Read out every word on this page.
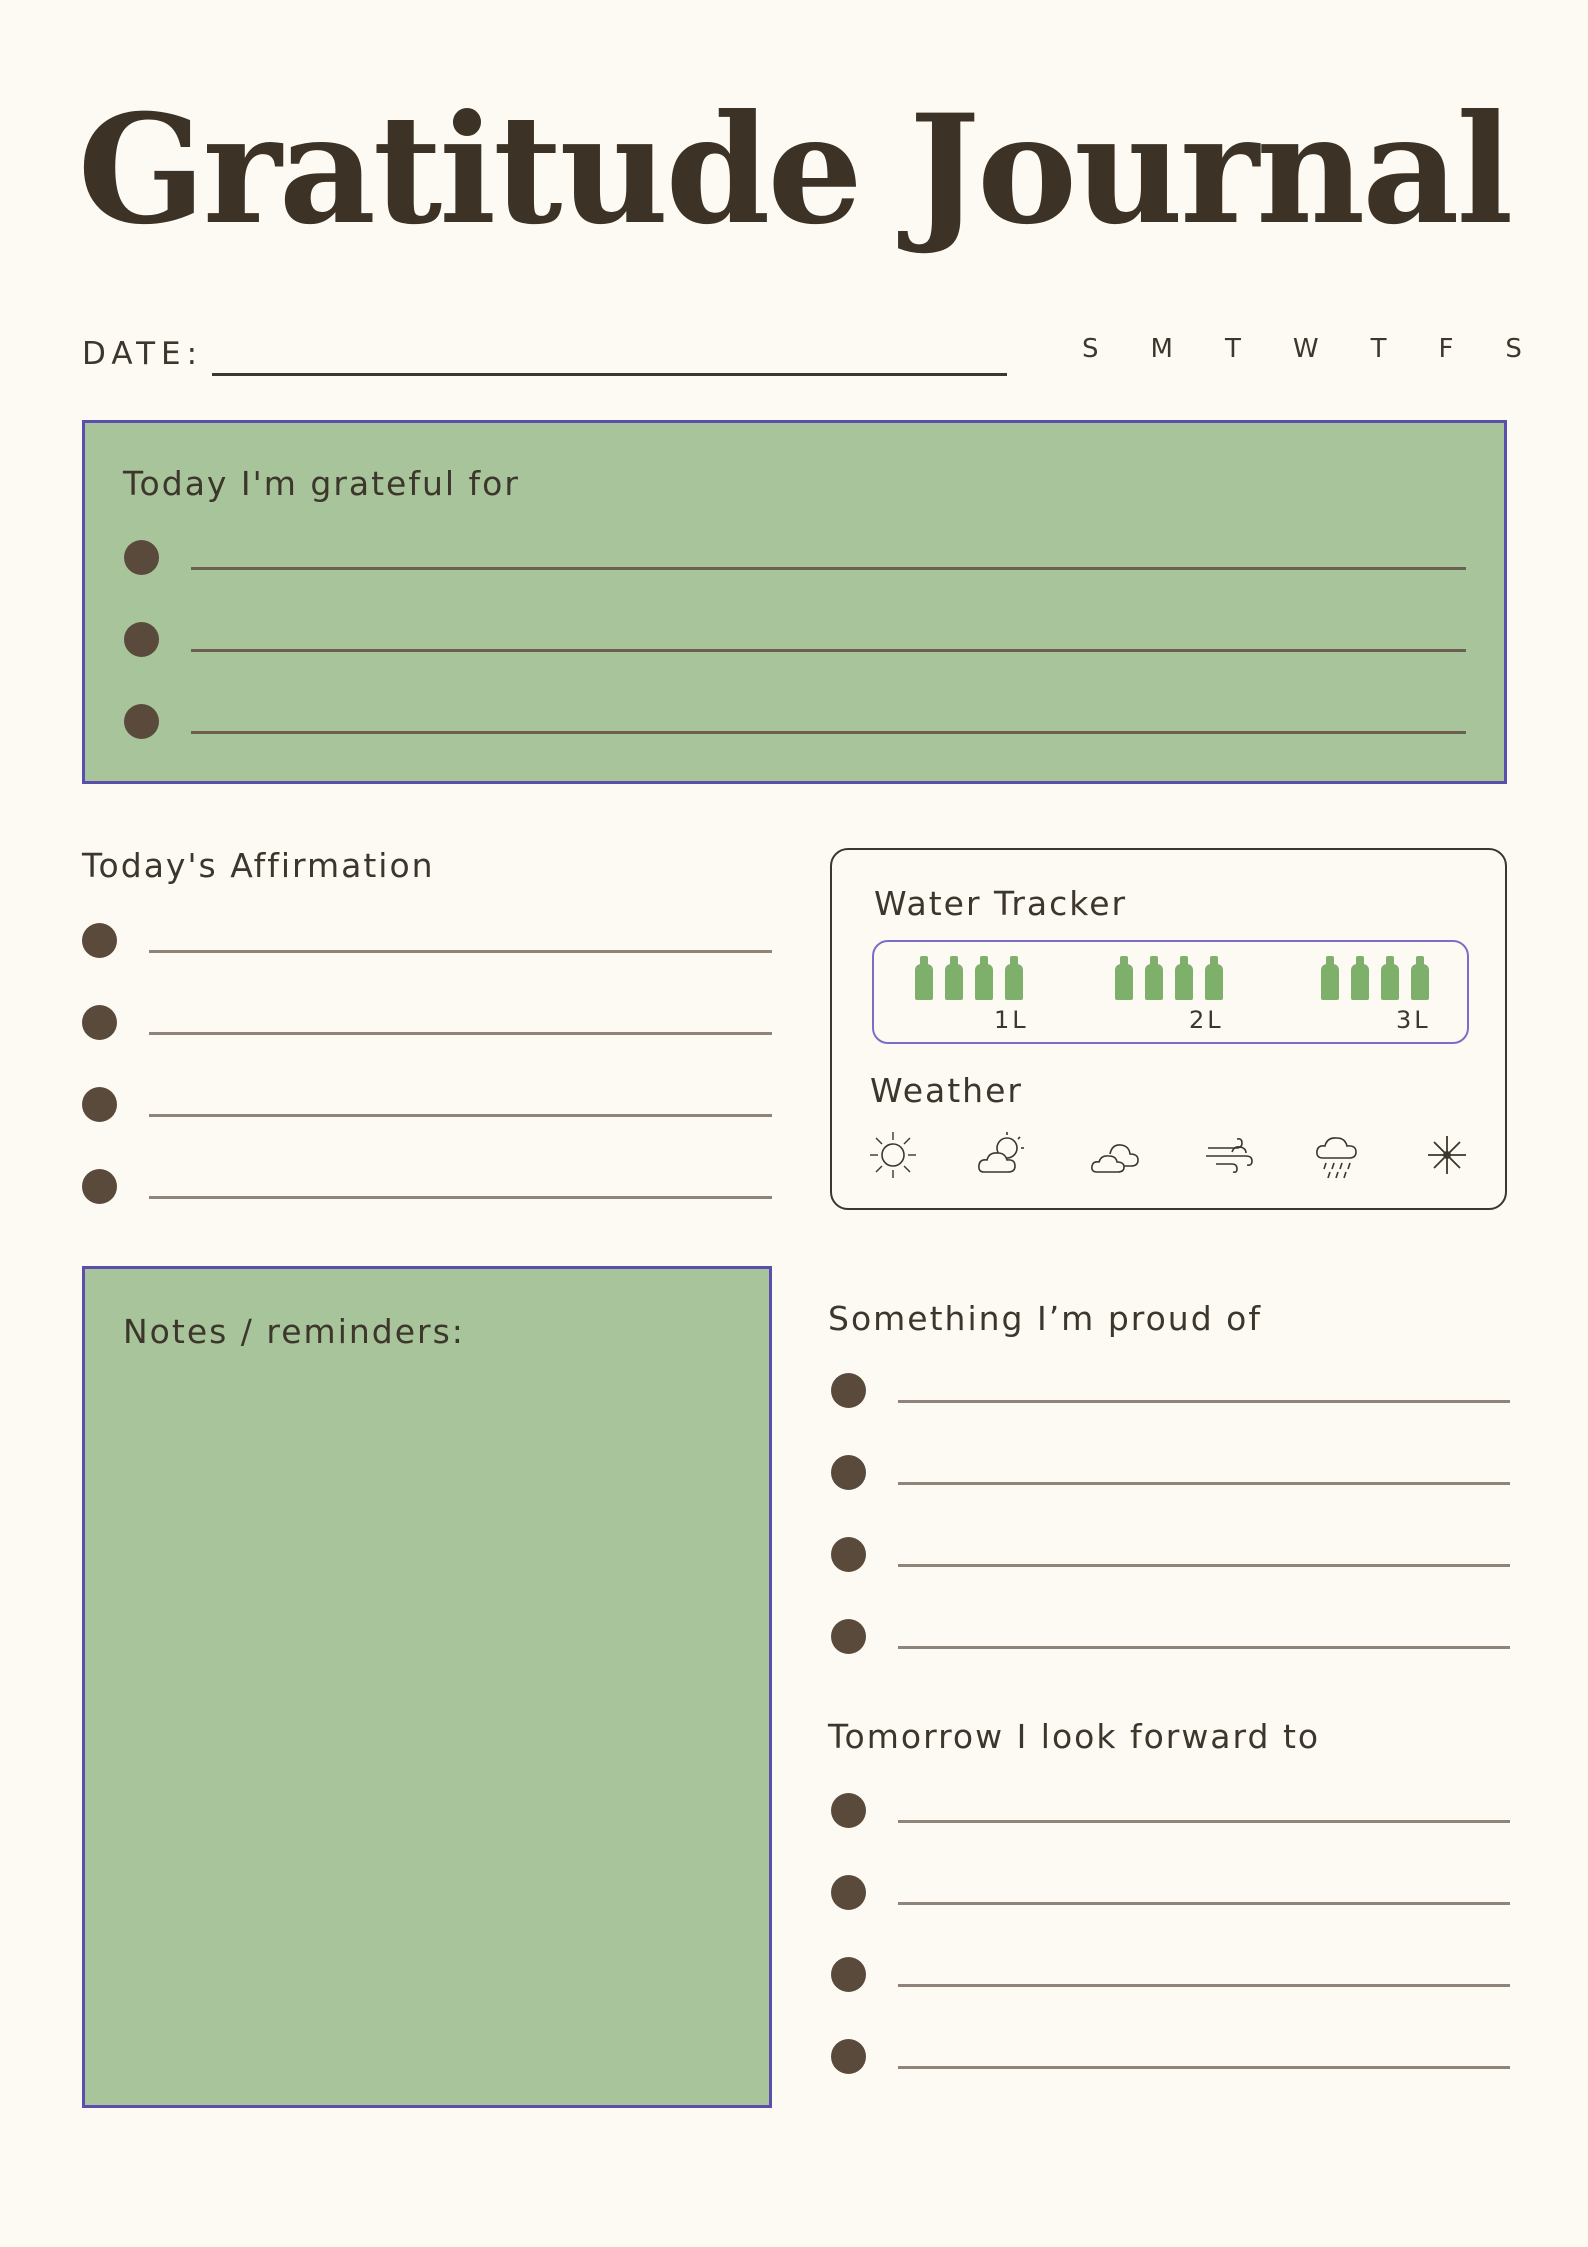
Gratitude Journal
DATE:	S M T W T F S
Today I'm grateful for
Today's Affirmation
Water Tracker
1L	2L	3L
Weather
Notes / reminders:	Something I’m proud of
Tomorrow I look forward to
